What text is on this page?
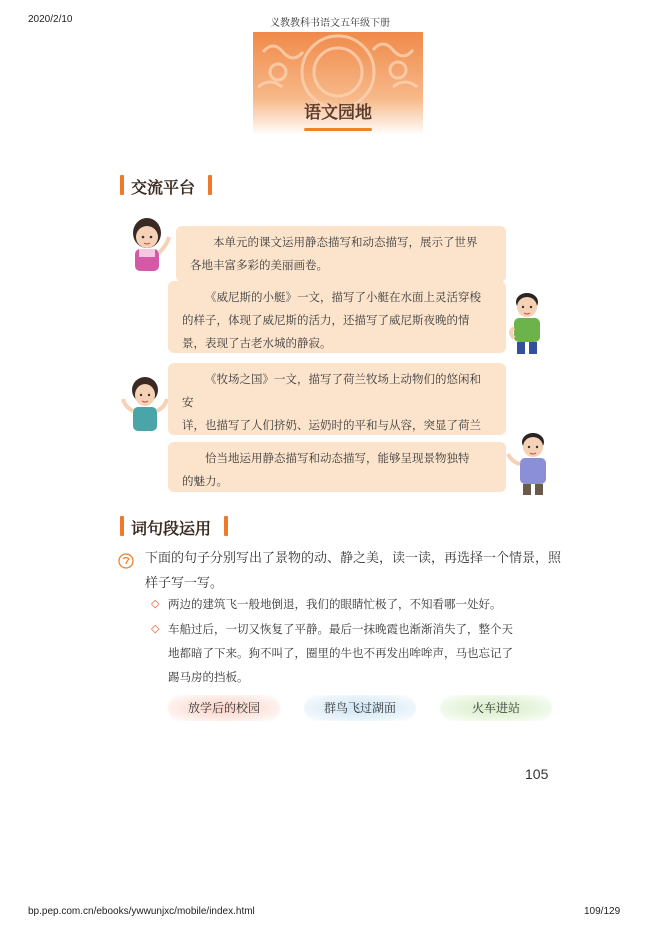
2020/2/10	义教教科书语文五年级下册
语文园地
交流平台
本单元的课文运用静态描写和动态描写，展示了世界
各地丰富多彩的美丽画卷。
《威尼斯的小艇》一文，描写了小艇在水面上灵活穿梭
的样子，体现了威尼斯的活力，还描写了威尼斯夜晚的情
景，表现了古老水城的静寂。
《牧场之国》一文，描写了荷兰牧场上动物们的悠闲和安
详，也描写了人们挤奶、运奶时的平和与从容，突显了荷兰
恰当地运用静态描写和动态描写，能够呈现景物独特
的魅力。
词句段运用
下面的句子分别写出了景物的动、静之美，读一读，再选择一个情景，照
样子写一写。
◇ 两边的建筑飞一般地倒退，我们的眼睛忙极了，不知看哪一处好。
◇ 车船过后，一切又恢复了平静。最后一抹晚霞也渐渐消失了，整个天
地都暗了下来。狗不叫了，圈里的牛也不再发出哞哞声，马也忘记了
踢马房的挡板。
放学后的校园	群鸟飞过湖面	火车进站
105
bp.pep.com.cn/ebooks/ywwunjxc/mobile/index.html	109/129
